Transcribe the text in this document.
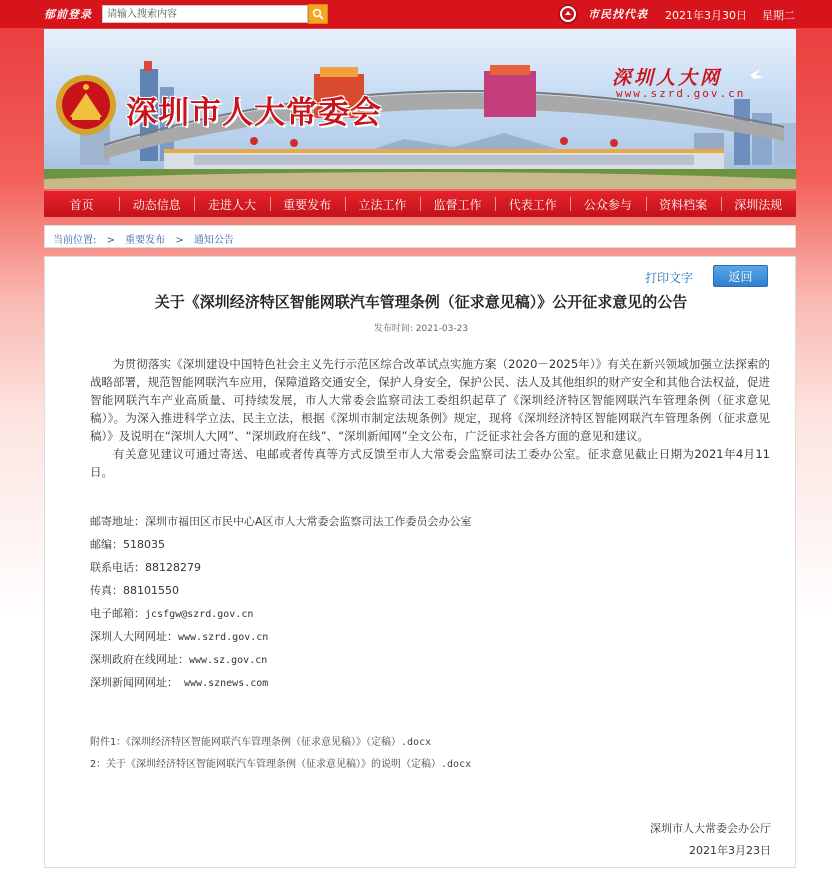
郁前登录
请输入搜索内容	市民找代表 2021年3月30日 星期二
深圳市人大常委会
深圳人大网
www.szrd.gov.cn
首页	动态信息	走进人大	重要发布	立法工作	监督工作	代表工作	公众参与	资料档案	深圳法规
当前位置: > 重要发布 > 通知公告
打印文字	返回
关于《深圳经济特区智能网联汽车管理条例（征求意见稿）》公开征求意见的公告
发布时间: 2021-03-23

为贯彻落实《深圳建设中国特色社会主义先行示范区综合改革试点实施方案（2020－2025年）》有关在新兴领域加强立法探索的战略部署，规范智能网联汽车应用，保障道路交通安全，保护人身安全，保护公民、法人及其他组织的财产安全和其他合法权益，促进智能网联汽车产业高质量、可持续发展，市人大常委会监察司法工委组织起草了《深圳经济特区智能网联汽车管理条例（征求意见稿）》。为深入推进科学立法、民主立法，根据《深圳市制定法规条例》规定，现将《深圳经济特区智能网联汽车管理条例（征求意见稿）》及说明在“深圳人大网”、“深圳政府在线”、“深圳新闻网”全文公布，广泛征求社会各方面的意见和建议。

有关意见建议可通过寄送、电邮或者传真等方式反馈至市人大常委会监察司法工委办公室。征求意见截止日期为2021年4月11日。

邮寄地址：深圳市福田区市民中心A区市人大常委会监察司法工作委员会办公室
邮编：518035
联系电话：88128279
传真：88101550
电子邮箱：jcsfgw@szrd.gov.cn
深圳人大网网址：www.szrd.gov.cn
深圳政府在线网址：www.sz.gov.cn
深圳新闻网网址： www.sznews.com
附件1：《深圳经济特区智能网联汽车管理条例（征求意见稿）》（定稿）.docx
2：关于《深圳经济特区智能网联汽车管理条例（征求意见稿）》的说明（定稿）.docx
深圳市人大常委会办公厅
2021年3月23日
